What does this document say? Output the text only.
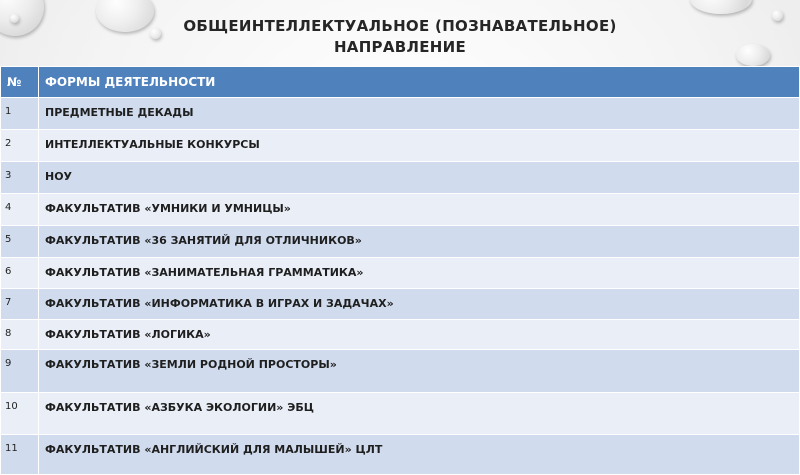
ОБЩЕИНТЕЛЛЕКТУАЛЬНОЕ (ПОЗНАВАТЕЛЬНОЕ)
НАПРАВЛЕНИЕ
№	ФОРМЫ ДЕЯТЕЛЬНОСТИ
1	ПРЕДМЕТНЫЕ ДЕКАДЫ
2	ИНТЕЛЛЕКТУАЛЬНЫЕ КОНКУРСЫ
3	НОУ
4	ФАКУЛЬТАТИВ «УМНИКИ И УМНИЦЫ»
5	ФАКУЛЬТАТИВ «36 ЗАНЯТИЙ ДЛЯ ОТЛИЧНИКОВ»
6	ФАКУЛЬТАТИВ «ЗАНИМАТЕЛЬНАЯ ГРАММАТИКА»
7	ФАКУЛЬТАТИВ «ИНФОРМАТИКА В ИГРАХ И ЗАДАЧАХ»
8	ФАКУЛЬТАТИВ «ЛОГИКА»
9	ФАКУЛЬТАТИВ «ЗЕМЛИ РОДНОЙ ПРОСТОРЫ»
10	ФАКУЛЬТАТИВ «АЗБУКА ЭКОЛОГИИ» ЭБЦ
11	ФАКУЛЬТАТИВ «АНГЛИЙСКИЙ ДЛЯ МАЛЫШЕЙ» ЦЛТ
